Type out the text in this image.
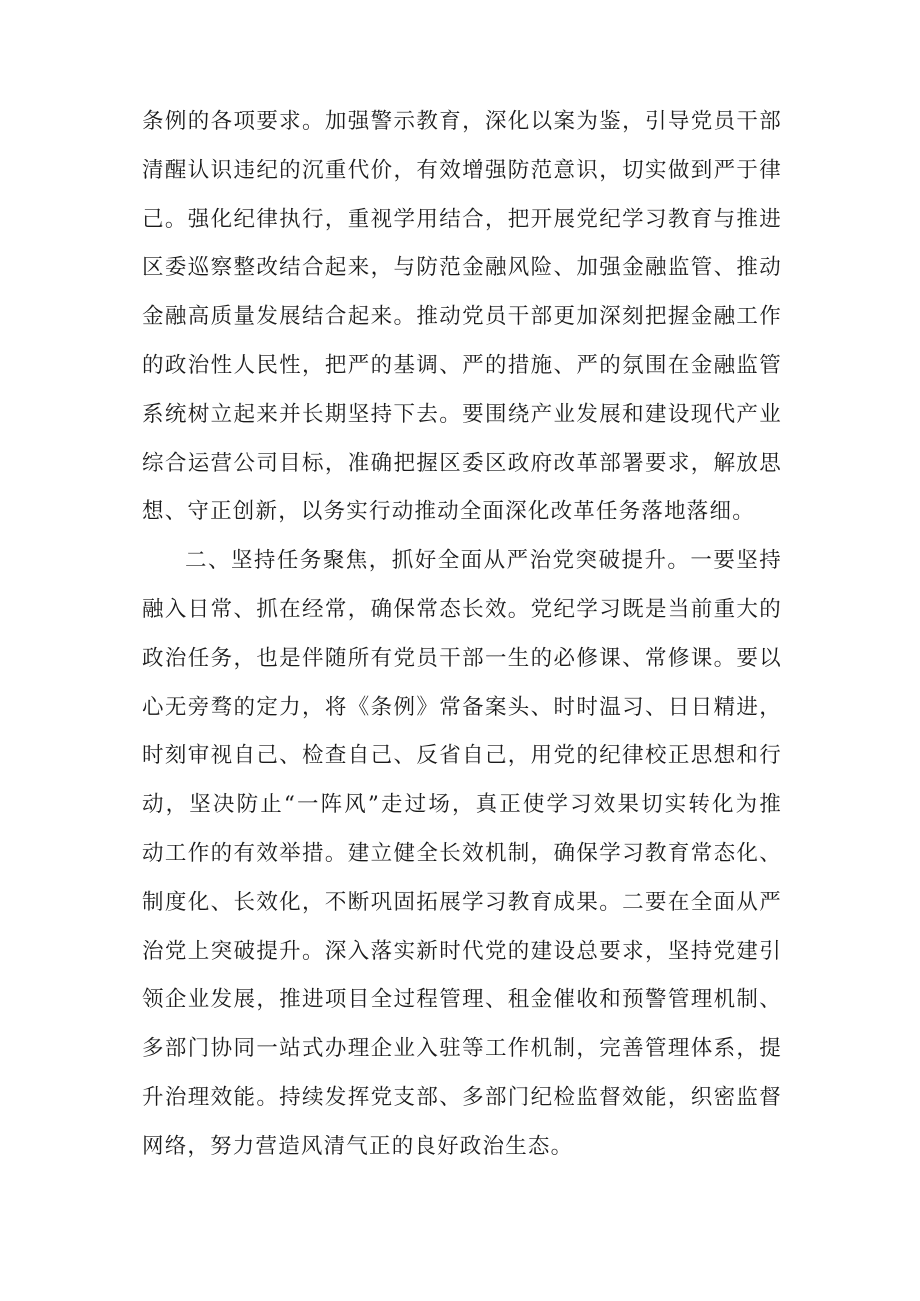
条例的各项要求。加强警示教育，深化以案为鉴，引导党员干部
清醒认识违纪的沉重代价，有效增强防范意识，切实做到严于律
己。强化纪律执行，重视学用结合，把开展党纪学习教育与推进
区委巡察整改结合起来，与防范金融风险、加强金融监管、推动
金融高质量发展结合起来。推动党员干部更加深刻把握金融工作
的政治性人民性，把严的基调、严的措施、严的氛围在金融监管
系统树立起来并长期坚持下去。要围绕产业发展和建设现代产业
综合运营公司目标，准确把握区委区政府改革部署要求，解放思
想、守正创新，以务实行动推动全面深化改革任务落地落细。
二、坚持任务聚焦，抓好全面从严治党突破提升。一要坚持
融入日常、抓在经常，确保常态长效。党纪学习既是当前重大的
政治任务，也是伴随所有党员干部一生的必修课、常修课。要以
心无旁骛的定力，将《条例》常备案头、时时温习、日日精进，
时刻审视自己、检查自己、反省自己，用党的纪律校正思想和行
动，坚决防止“一阵风”走过场，真正使学习效果切实转化为推
动工作的有效举措。建立健全长效机制，确保学习教育常态化、
制度化、长效化，不断巩固拓展学习教育成果。二要在全面从严
治党上突破提升。深入落实新时代党的建设总要求，坚持党建引
领企业发展，推进项目全过程管理、租金催收和预警管理机制、
多部门协同一站式办理企业入驻等工作机制，完善管理体系，提
升治理效能。持续发挥党支部、多部门纪检监督效能，织密监督
网络，努力营造风清气正的良好政治生态。
